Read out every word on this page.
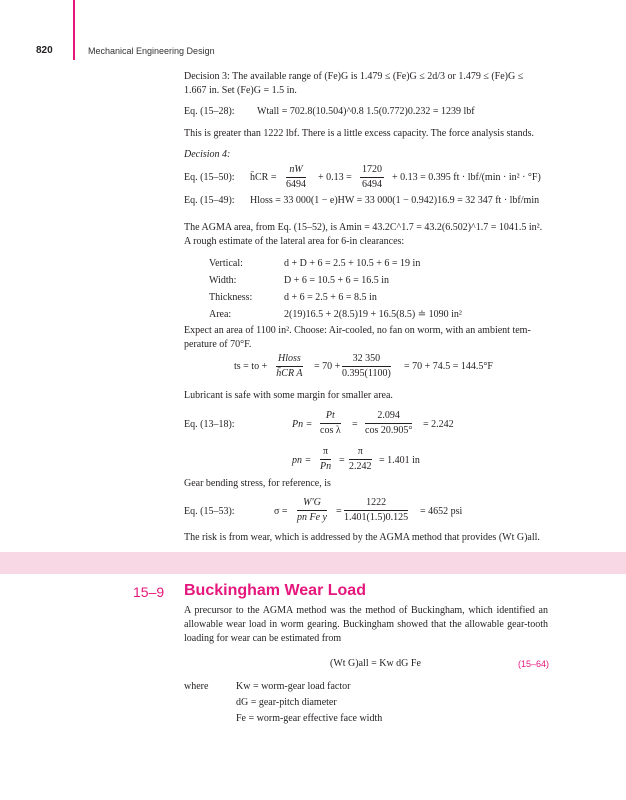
820	Mechanical Engineering Design
Decision 3: The available range of (Fe)G is 1.479 ≤ (Fe)G ≤ 2d/3 or 1.479 ≤ (Fe)G ≤
1.667 in. Set (Fe)G = 1.5 in.
Eq. (15–28): Wtall = 702.8(10.504)^0.8 1.5(0.772)0.232 = 1239 lbf
This is greater than 1222 lbf. There is a little excess capacity. The force analysis stands.
Decision 4:
Eq. (15–50): h̄CR = $\frac{nW}{6494} + 0.13 = \frac{1720}{6494} + 0.13 = 0.395$ ft · lbf/(min · in² · °F)
Eq. (15–49): Hloss = 33 000(1 − e)HW = 33 000(1 − 0.942)16.9 = 32 347 ft · lbf/min
The AGMA area, from Eq. (15–52), is Amin = 43.2C^1.7 = 43.2(6.502)^1.7 = 1041.5 in².
A rough estimate of the lateral area for 6-in clearances:
Vertical:	d + D + 6 = 2.5 + 10.5 + 6 = 19 in
Width:	D + 6 = 10.5 + 6 = 16.5 in
Thickness:	d + 6 = 2.5 + 6 = 8.5 in
Area:	2(19)16.5 + 2(8.5)19 + 16.5(8.5) ≐ 1090 in²
Expect an area of 1100 in². Choose: Air-cooled, no fan on worm, with an ambient tem-
perature of 70°F.
ts = to +
Hloss
h̄CR A
= $70 + \frac{32 350}{0.395(1100)} = 70 + 74.5 = 144.5^\circ F$
Lubricant is safe with some margin for smaller area.
Eq. (13–18):	$Pn = \frac{Pt}{\text{cos λ}} = \frac{2.094}{\cos 20.905^\circ} = 2.242$
pn = $\frac{\pi}{Pn} = \frac{\pi}{2.242} = 1.401$ in
Gear bending stress, for reference, is
Eq. (15–53):	$\sigma = \frac{W'G}{\text{pn Fe y}} = \frac{1222}{1.401(1.5)0.125} = 4652$ psi
The risk is from wear, which is addressed by the AGMA method that provides (Wt G)all.
15–9 Buckingham Wear Load
A precursor to the AGMA method was the method of Buckingham, which identified an allowable wear load in worm gearing. Buckingham showed that the allowable gear-tooth loading for wear can be estimated from
(Wt G)all = Kw dG Fe	(15–64)
where	Kw = worm-gear load factor
dG = gear-pitch diameter
Fe = worm-gear effective face width
